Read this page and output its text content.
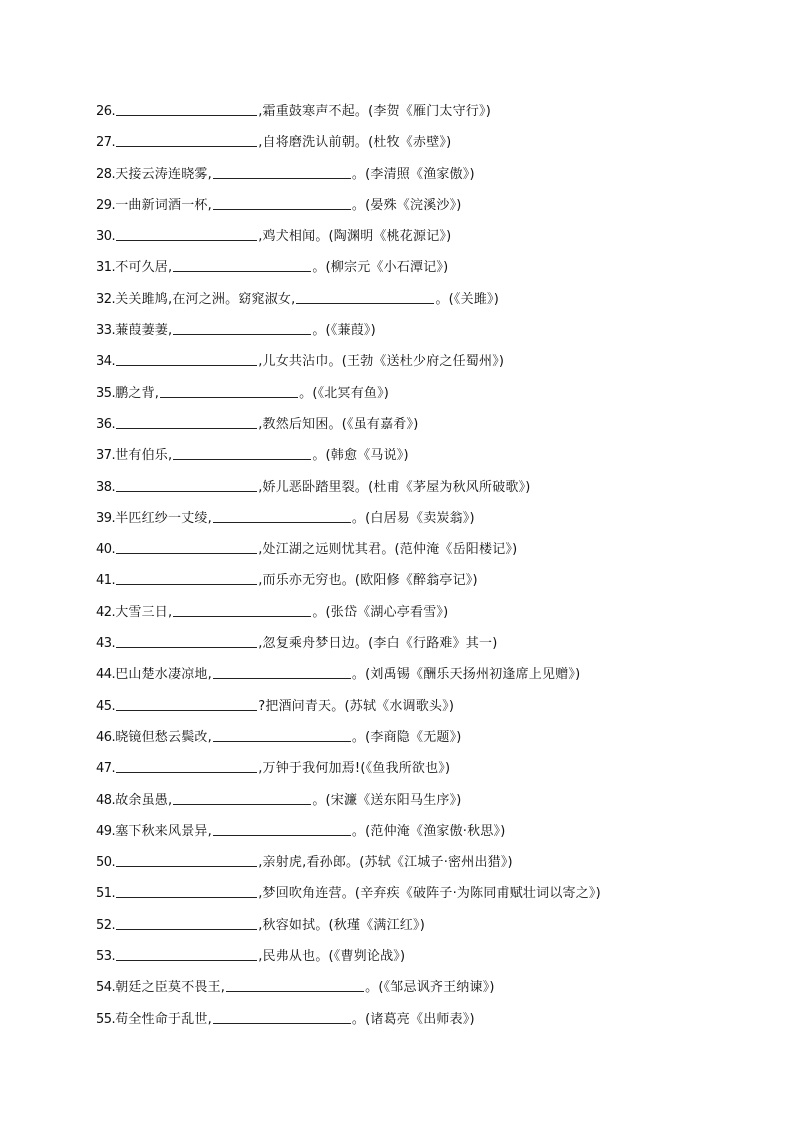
26.	,霜重鼓寒声不起。(李贺《雁门太守行》)
27.	,自将磨洗认前朝。(杜牧《赤壁》)
28. 天接云涛连晓雾,	。(李清照《渔家傲》)
29. 一曲新词酒一杯,	。(晏殊《浣溪沙》)
30.	,鸡犬相闻。(陶渊明《桃花源记》)
31. 不可久居,	。(柳宗元《小石潭记》)
32. 关关雎鸠,在河之洲。窈窕淑女,	。(《关雎》)
33. 蒹葭萋萋,	。(《蒹葭》)
34.	,儿女共沾巾。(王勃《送杜少府之任蜀州》)
35. 鹏之背,	。(《北冥有鱼》)
36.	,教然后知困。(《虽有嘉肴》)
37. 世有伯乐,	。(韩愈《马说》)
38.	,娇儿恶卧踏里裂。(杜甫《茅屋为秋风所破歌》)
39. 半匹红纱一丈绫,	。(白居易《卖炭翁》)
40.	,处江湖之远则忧其君。(范仲淹《岳阳楼记》)
41.	,而乐亦无穷也。(欧阳修《醉翁亭记》)
42. 大雪三日,	。(张岱《湖心亭看雪》)
43.	,忽复乘舟梦日边。(李白《行路难》其一)
44. 巴山楚水凄凉地,	。(刘禹锡《酬乐天扬州初逢席上见赠》)
45.	?把酒问青天。(苏轼《水调歌头》)
46. 晓镜但愁云鬓改,	。(李商隐《无题》)
47.	,万钟于我何加焉!(《鱼我所欲也》)
48. 故余虽愚,	。(宋濂《送东阳马生序》)
49. 塞下秋来风景异,	。(范仲淹《渔家傲·秋思》)
50.	,亲射虎,看孙郎。(苏轼《江城子·密州出猎》)
51.	,梦回吹角连营。(辛弃疾《破阵子·为陈同甫赋壮词以寄之》)
52.	,秋容如拭。(秋瑾《满江红》)
53.	,民弗从也。(《曹刿论战》)
54. 朝廷之臣莫不畏王,	。(《邹忌讽齐王纳谏》)
55. 苟全性命于乱世,	。(诸葛亮《出师表》)
